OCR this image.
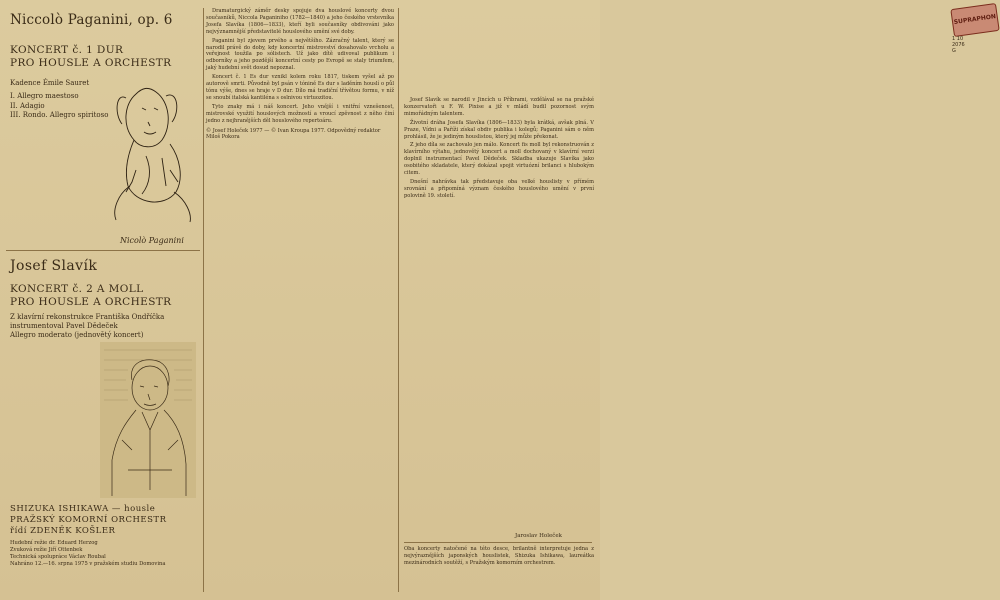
Niccolò Paganini, op. 6
KONCERT č. 1 DUR
PRO HOUSLE A ORCHESTR
Kadence Émile Sauret
I. Allegro maestoso
II. Adagio
III. Rondo. Allegro spiritoso
Nicolò Paganini
Josef Slavík
KONCERT č. 2 A MOLL
PRO HOUSLE A ORCHESTR
Z klavírní rekonstrukce Františka Ondříčka instrumentoval Pavel Dědeček
Allegro moderato (jednovětý koncert)
SHIZUKA ISHIKAWA — housle
PRAŽSKÝ KOMORNÍ ORCHESTR
řídí ZDENĚK KOŠLER
Hudební režie dr. Eduard Herzog
Zvuková režie Jiří Ottenbek
Technická spolupráce Václav Roubal
Nahráno 12.—16. srpna 1975 v pražském studiu Domovina

Dramaturgický záměr desky spojuje dva houslové koncerty dvou současníků, Niccola Paganiniho (1782—1840) a jeho českého vrstevníka Josefa Slavíka (1806—1833), kteří byli současníky obdivováni jako nejvýznamnější představitelé houslového umění své doby.

Paganini byl zjevem prvého a největšího. Zázračný talent, který se narodil právě do doby, kdy koncertní mistrovství dosahovalo vrcholu a veřejnost toužila po sólistech. Už jako dítě udivoval publikum i odborníky a jeho pozdější koncertní cesty po Evropě se staly triumfem, jaký hudební svět dosud nepoznal.

Koncert č. 1 Es dur vznikl kolem roku 1817, tiskem vyšel až po autorově smrti. Původně byl psán v tónině Es dur s laděním houslí o půl tónu výše, dnes se hraje v D dur. Dílo má tradiční třívětou formu, v níž se snoubí italská kantiléna s oslnivou virtuozitou.

Tyto znaky má i náš koncert. Jeho vnější i vnitřní vznešenost, mistrovské využití houslových možností a vroucí zpěvnost z něho činí jedno z nejhranějších děl houslového repertoáru.

© Josef Holeček 1977 — © Ivan Kroupa 1977. Odpovědný redaktor Miloš Pokora
SUPRAPHON
1 10 2076 G

Josef Slavík se narodil v Jincích u Příbrami, vzdělával se na pražské konzervatoři u F. W. Pixise a již v mládí budil pozornost svým mimořádným talentem.

Životní dráha Josefa Slavíka (1806—1833) byla krátká, avšak plná. V Praze, Vídni a Paříži získal obdiv publika i kolegů; Paganini sám o něm prohlásil, že je jediným houslistou, který jej může překonat.

Z jeho díla se zachovalo jen málo. Koncert fis moll byl rekonstruován z klavírního výtahu, jednovětý koncert a moll dochovaný v klavírní verzi doplnil instrumentací Pavel Dědeček. Skladba ukazuje Slavíka jako osobitého skladatele, který dokázal spojit virtuózní brilanci s hlubokým citem.

Dnešní nahrávka tak představuje oba velké houslisty v přímém srovnání a připomíná význam českého houslového umění v první polovině 19. století.

Jaroslav Holeček
Oba koncerty natočené na této desce, brilantně interpretuje jedna z nejvýraznějších japonských houslistek, Shizuka Ishikawa, laureátka mezinárodních soutěží, s Pražským komorním orchestrem.
